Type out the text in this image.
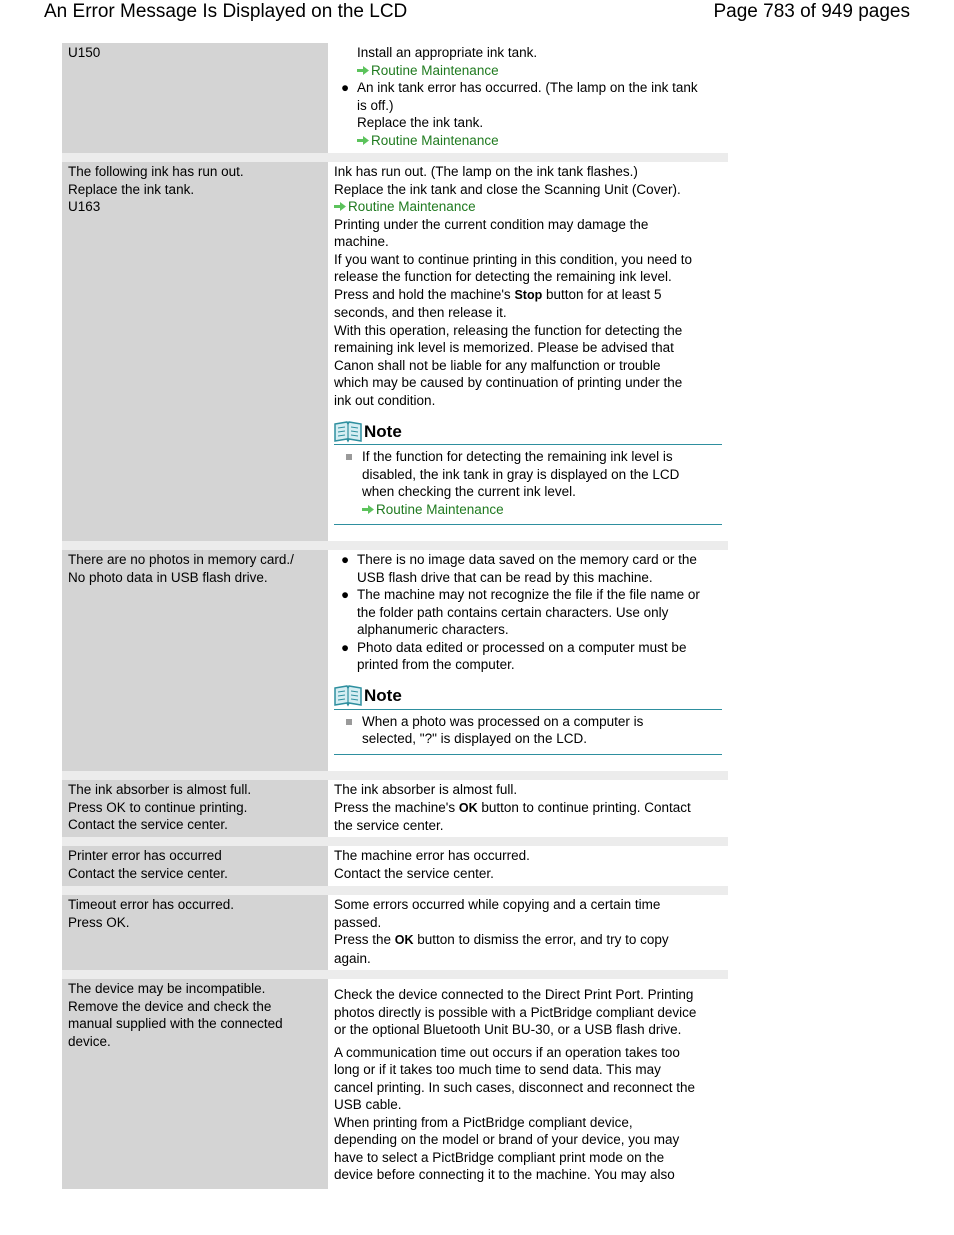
An Error Message Is Displayed on the LCD	Page 783 of 949 pages
U150	Install an appropriate ink tank.
Routine Maintenance
● An ink tank error has occurred. (The lamp on the ink tank
is off.)
Replace the ink tank.
Routine Maintenance
The following ink has run out.
Replace the ink tank.
U163
Ink has run out. (The lamp on the ink tank flashes.)
Replace the ink tank and close the Scanning Unit (Cover).
Routine Maintenance
Printing under the current condition may damage the
machine.
If you want to continue printing in this condition, you need to
release the function for detecting the remaining ink level.
Press and hold the machine's Stop button for at least 5
seconds, and then release it.
With this operation, releasing the function for detecting the
remaining ink level is memorized. Please be advised that
Canon shall not be liable for any malfunction or trouble
which may be caused by continuation of printing under the
ink out condition.
Note
If the function for detecting the remaining ink level is
disabled, the ink tank in gray is displayed on the LCD
when checking the current ink level.
Routine Maintenance
There are no photos in memory card./
No photo data in USB flash drive.
● There is no image data saved on the memory card or the
USB flash drive that can be read by this machine.
● The machine may not recognize the file if the file name or
the folder path contains certain characters. Use only
alphanumeric characters.
● Photo data edited or processed on a computer must be
printed from the computer.
Note
When a photo was processed on a computer is
selected, "?" is displayed on the LCD.
The ink absorber is almost full.
Press OK to continue printing.
Contact the service center.
The ink absorber is almost full.
Press the machine's OK button to continue printing. Contact
the service center.
Printer error has occurred
Contact the service center.
The machine error has occurred.
Contact the service center.
Timeout error has occurred.
Press OK.
Some errors occurred while copying and a certain time
passed.
Press the OK button to dismiss the error, and try to copy
again.
The device may be incompatible.
Remove the device and check the
manual supplied with the connected
device.
Check the device connected to the Direct Print Port. Printing
photos directly is possible with a PictBridge compliant device
or the optional Bluetooth Unit BU-30, or a USB flash drive.
A communication time out occurs if an operation takes too
long or if it takes too much time to send data. This may
cancel printing. In such cases, disconnect and reconnect the
USB cable.
When printing from a PictBridge compliant device,
depending on the model or brand of your device, you may
have to select a PictBridge compliant print mode on the
device before connecting it to the machine. You may also
